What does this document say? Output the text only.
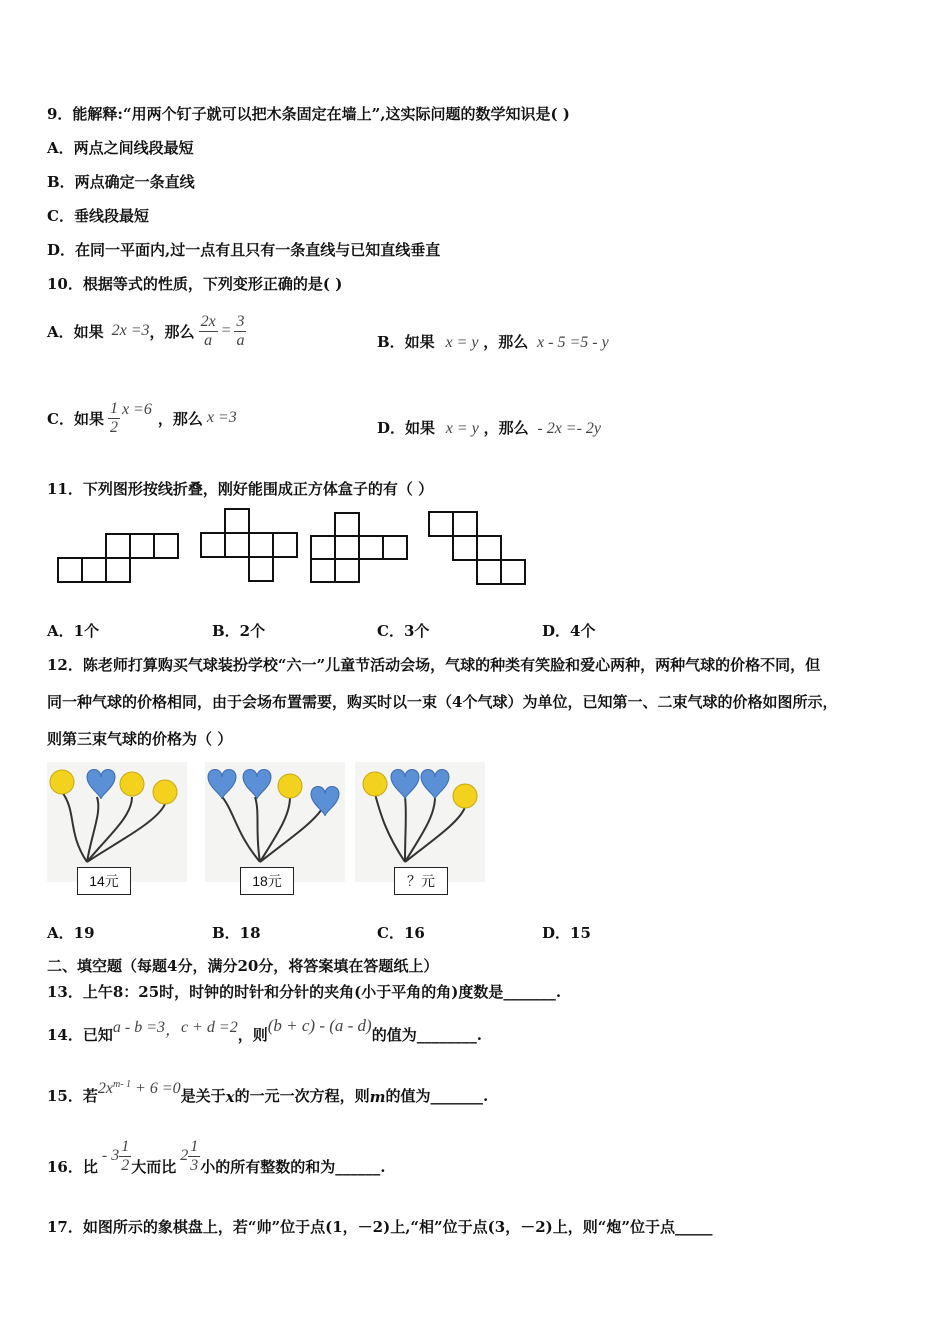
9．能解释:“用两个钉子就可以把木条固定在墙上”,这实际问题的数学知识是( )
A．两点之间线段最短
B．两点确定一条直线
C．垂线段最短
D．在同一平面内,过一点有且只有一条直线与已知直线垂直
10．根据等式的性质，下列变形正确的是( )
A．如果 2x =3 ，那么 $\frac{2x}{a} = \frac{3}{a}$	B．如果 x = y ，那么 x - 5 =5 - y
C．如果 $\frac{1}{2}$ x =6 ，那么 x =3
D．如果 x = y ，那么 - 2x =- 2y
11．下列图形按线折叠，刚好能围成正方体盒子的有（ ）
A．1个	B．2个	C．3个	D．4个
12．陈老师打算购买气球装扮学校“六一”儿童节活动会场，气球的种类有笑脸和爱心两种，两种气球的价格不同，但
同一种气球的价格相同，由于会场布置需要，购买时以一束（4个气球）为单位，已知第一、二束气球的价格如图所示，
则第三束气球的价格为（ ）
14元	18元	？元
A．19	B．18	C．16	D．15
二、填空题（每题4分，满分20分，将答案填在答题纸上）
13．上午8：25时，时钟的时针和分针的夹角(小于平角的角)度数是_______.
14．已知 a - b =3 ， c + d =2 ，则 (b + c) - (a - d) 的值为________.
15．若 $2x^{m- 1} + 6 =0$ 是关于 x 的一元一次方程，则 m 的值为_______.
16．比
- $3 \frac{1}{2}$ 大而比
$2 \frac{1}{3}$ 小的所有整数的和为______.
17．如图所示的象棋盘上，若“帅”位于点(1，－2)上,“相”位于点(3，－2)上，则“炮”位于点_____
